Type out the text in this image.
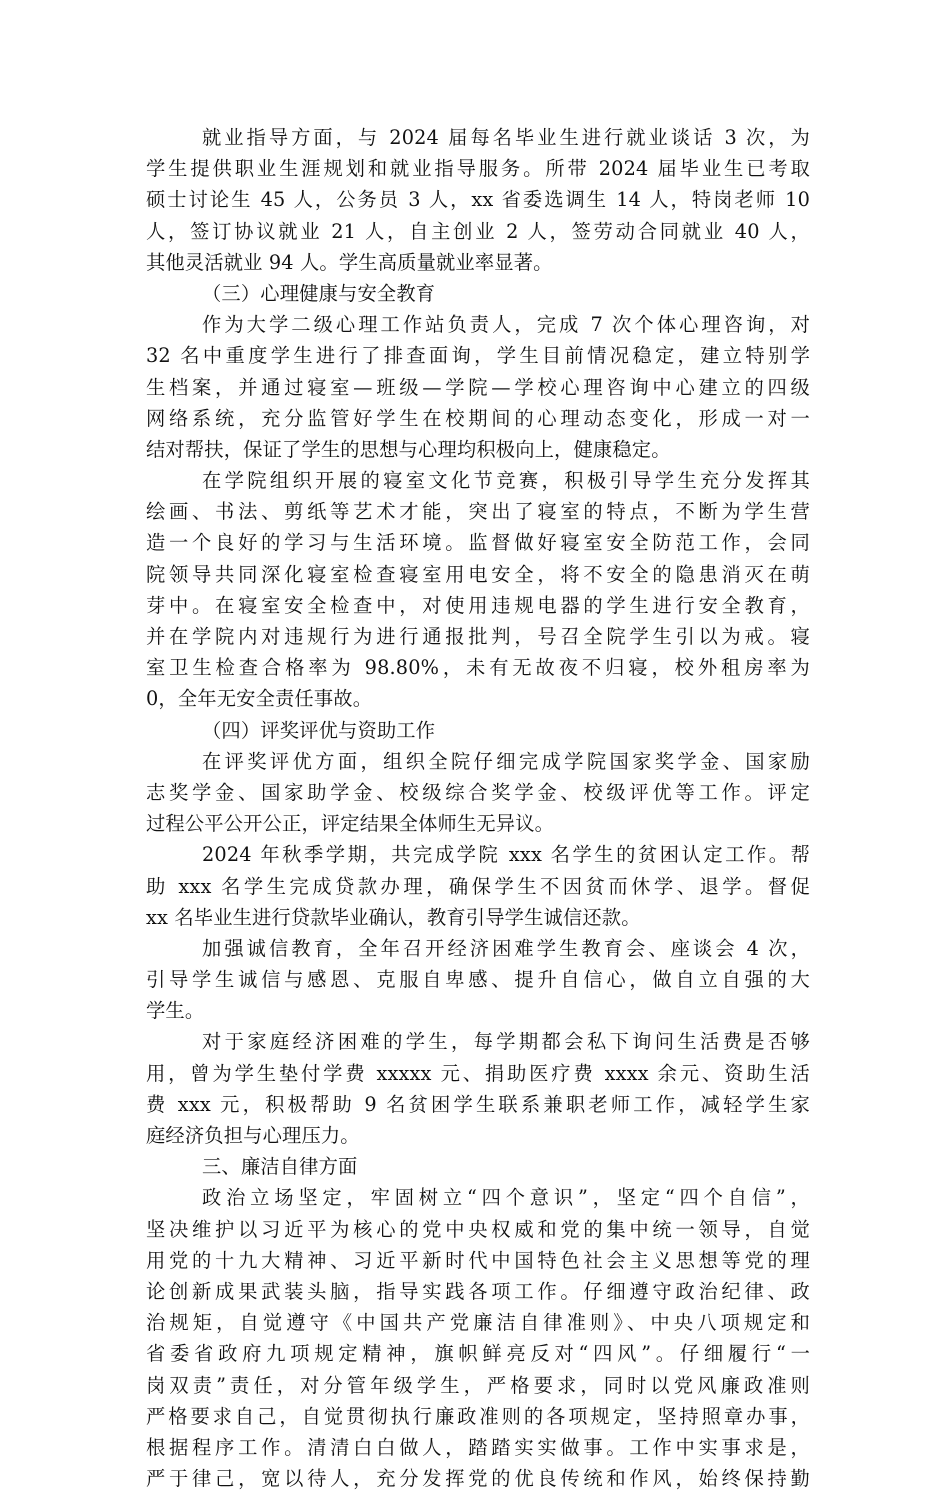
就业指导方面，与 2024 届每名毕业生进行就业谈话 3 次，为
学生提供职业生涯规划和就业指导服务。所带 2024 届毕业生已考取
硕士讨论生 45 人，公务员 3 人，xx 省委选调生 14 人，特岗老师 10
人，签订协议就业 21 人，自主创业 2 人，签劳动合同就业 40 人，
其他灵活就业 94 人。学生高质量就业率显著。
（三）心理健康与安全教育
作为大学二级心理工作站负责人，完成 7 次个体心理咨询，对
32 名中重度学生进行了排查面询，学生目前情况稳定，建立特别学
生档案，并通过寝室—班级—学院—学校心理咨询中心建立的四级
网络系统，充分监管好学生在校期间的心理动态变化，形成一对一
结对帮扶，保证了学生的思想与心理均积极向上，健康稳定。
在学院组织开展的寝室文化节竞赛，积极引导学生充分发挥其
绘画、书法、剪纸等艺术才能，突出了寝室的特点，不断为学生营
造一个良好的学习与生活环境。监督做好寝室安全防范工作，会同
院领导共同深化寝室检查寝室用电安全，将不安全的隐患消灭在萌
芽中。在寝室安全检查中，对使用违规电器的学生进行安全教育，
并在学院内对违规行为进行通报批判，号召全院学生引以为戒。寝
室卫生检查合格率为 98.80%，未有无故夜不归寝，校外租房率为
0，全年无安全责任事故。
（四）评奖评优与资助工作
在评奖评优方面，组织全院仔细完成学院国家奖学金、国家励
志奖学金、国家助学金、校级综合奖学金、校级评优等工作。评定
过程公平公开公正，评定结果全体师生无异议。
2024 年秋季学期，共完成学院 xxx 名学生的贫困认定工作。帮
助 xxx 名学生完成贷款办理，确保学生不因贫而休学、退学。督促
xx 名毕业生进行贷款毕业确认，教育引导学生诚信还款。
加强诚信教育，全年召开经济困难学生教育会、座谈会 4 次，
引导学生诚信与感恩、克服自卑感、提升自信心，做自立自强的大
学生。
对于家庭经济困难的学生，每学期都会私下询问生活费是否够
用，曾为学生垫付学费 xxxxx 元、捐助医疗费 xxxx 余元、资助生活
费 xxx 元，积极帮助 9 名贫困学生联系兼职老师工作，减轻学生家
庭经济负担与心理压力。
三、廉洁自律方面
政治立场坚定，牢固树立“四个意识”，坚定“四个自信”，
坚决维护以习近平为核心的党中央权威和党的集中统一领导，自觉
用党的十九大精神、习近平新时代中国特色社会主义思想等党的理
论创新成果武装头脑，指导实践各项工作。仔细遵守政治纪律、政
治规矩，自觉遵守《中国共产党廉洁自律准则》、中央八项规定和
省委省政府九项规定精神，旗帜鲜亮反对“四风”。仔细履行“一
岗双责”责任，对分管年级学生，严格要求，同时以党风廉政准则
严格要求自己，自觉贯彻执行廉政准则的各项规定，坚持照章办事，
根据程序工作。清清白白做人，踏踏实实做事。工作中实事求是，
严于律己，宽以待人，充分发挥党的优良传统和作风，始终保持勤
